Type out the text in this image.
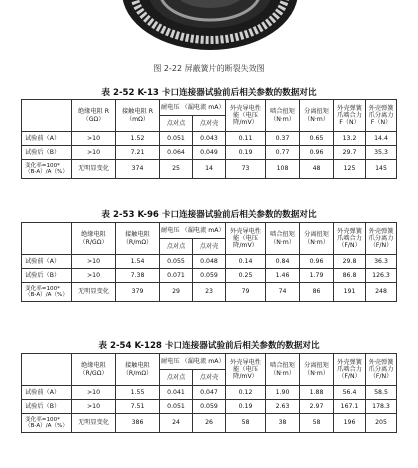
图 2-22 屏蔽簧片的断裂失效图
表 2-52 K-13 卡口连接器试验前后相关参数的数据对比
	绝缘电阻 R（GΩ）	接触电阻 R（mΩ）	耐电压 （漏电流 mA）		外壳导电性能（电压降/mV）	啮合扭矩（N·m）	分离扭矩（N·m）	外壳弹簧爪啮合力 F（N）	外壳弹簧爪分离力 F（N）
			点对点	点对壳					
试验前（A）	>10	1.52	0.051	0.043	0.11	0.37	0.65	13.2	14.4
试验后（B）	>10	7.21	0.064	0.049	0.19	0.77	0.96	29.7	35.3
变化率=100*（B-A）/A（%）	无明显变化	374	25	14	73	108	48	125	145
表 2-53 K-96 卡口连接器试验前后相关参数的数据对比
	绝缘电阻 （R/GΩ）	接触电阻 （R/mΩ）	耐电压 （漏电流 mA）		外壳导电性能（电压降/mV）	啮合扭矩 （N·m）	分离扭矩 （N·m）	外壳弹簧爪啮合力 （F/N）	外壳弹簧爪分离力 （F/N）
			点对点	点对壳					
试验前（A）	>10	1.54	0.055	0.048	0.14	0.84	0.96	29.8	36.3
试验后（B）	>10	7.38	0.071	0.059	0.25	1.46	1.79	86.8	126.3
变化率=100*（B-A）/A（%）	无明显变化	379	29	23	79	74	86	191	248
表 2-54 K-128 卡口连接器试验前后相关参数的数据对比
	绝缘电阻 （R/GΩ）	接触电阻 （R/mΩ）	耐电压 （漏电流 mA）		外壳导电性能（电压降/mV）	啮合扭矩 （N·m）	分离扭矩 （N·m）	外壳弹簧爪啮合力 （F/N）	外壳弹簧爪分离力 （F/N）
			点对点	点对壳					
试验前（A）	>10	1.55	0.041	0.047	0.12	1.90	1.88	56.4	58.5
试验后（B）	>10	7.51	0.051	0.059	0.19	2.63	2.97	167.1	178.3
变化率=100*（B-A）/A（%）	无明显变化	386	24	26	58	38	58	196	205
